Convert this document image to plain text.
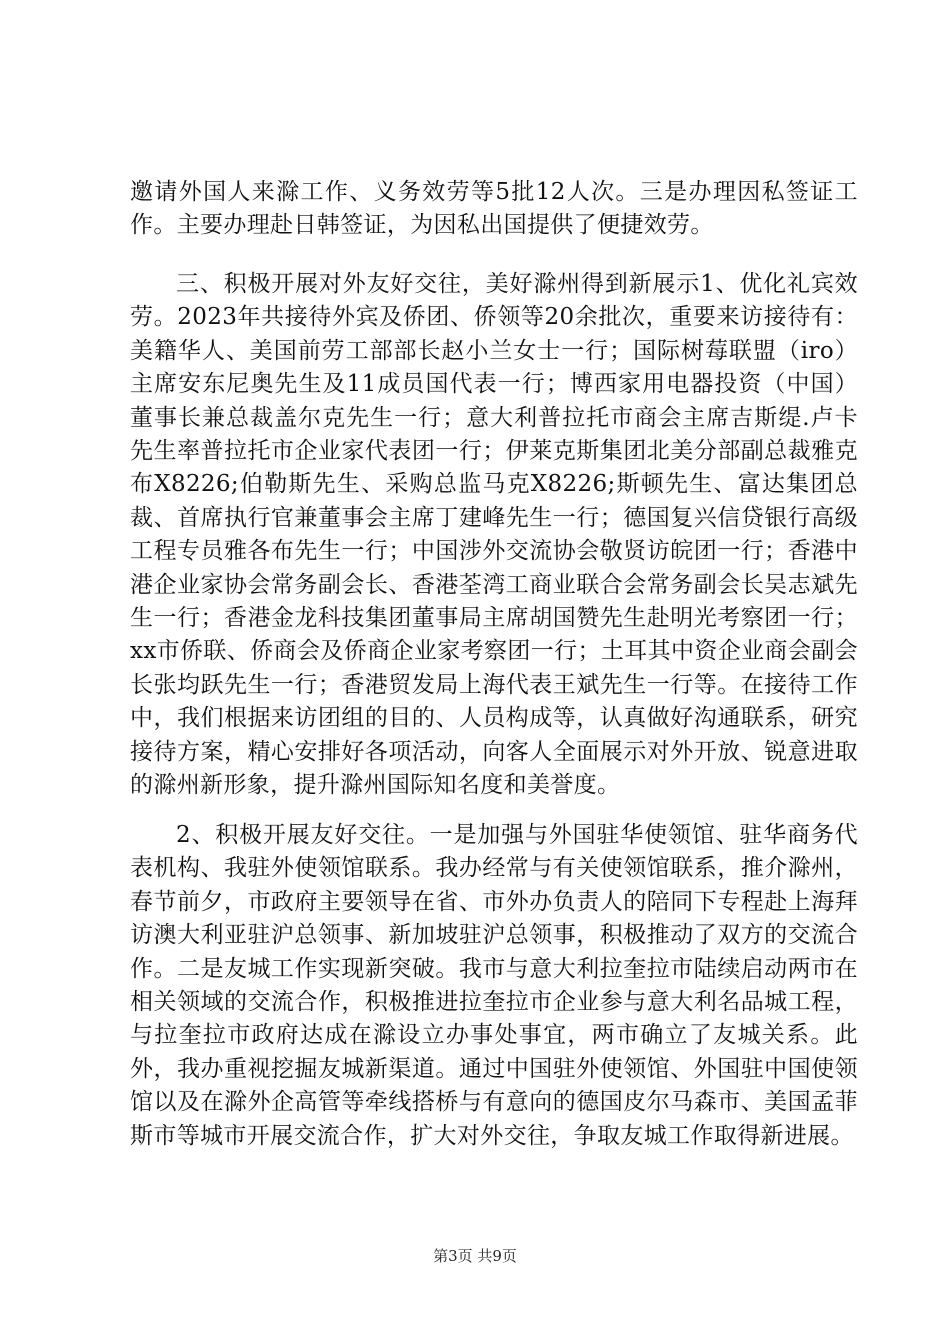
邀请外国人来滁工作、义务效劳等5批12人次。三是办理因私签证工作。主要办理赴日韩签证，为因私出国提供了便捷效劳。

三、积极开展对外友好交往，美好滁州得到新展示1、优化礼宾效劳。2023年共接待外宾及侨团、侨领等20余批次，重要来访接待有：美籍华人、美国前劳工部部长赵小兰女士一行；国际树莓联盟（iro）主席安东尼奥先生及11成员国代表一行；博西家用电器投资（中国）董事长兼总裁盖尔克先生一行；意大利普拉托市商会主席吉斯缇.卢卡先生率普拉托市企业家代表团一行；伊莱克斯集团北美分部副总裁雅克布X8226;伯勒斯先生、采购总监马克X8226;斯顿先生、富达集团总裁、首席执行官兼董事会主席丁建峰先生一行；德国复兴信贷银行高级工程专员雅各布先生一行；中国涉外交流协会敬贤访皖团一行；香港中港企业家协会常务副会长、香港荃湾工商业联合会常务副会长吴志斌先生一行；香港金龙科技集团董事局主席胡国赞先生赴明光考察团一行；xx市侨联、侨商会及侨商企业家考察团一行；土耳其中资企业商会副会长张均跃先生一行；香港贸发局上海代表王斌先生一行等。在接待工作中，我们根据来访团组的目的、人员构成等，认真做好沟通联系，研究接待方案，精心安排好各项活动，向客人全面展示对外开放、锐意进取的滁州新形象，提升滁州国际知名度和美誉度。

2、积极开展友好交往。一是加强与外国驻华使领馆、驻华商务代表机构、我驻外使领馆联系。我办经常与有关使领馆联系，推介滁州，春节前夕，市政府主要领导在省、市外办负责人的陪同下专程赴上海拜访澳大利亚驻沪总领事、新加坡驻沪总领事，积极推动了双方的交流合作。二是友城工作实现新突破。我市与意大利拉奎拉市陆续启动两市在相关领域的交流合作，积极推进拉奎拉市企业参与意大利名品城工程，与拉奎拉市政府达成在滁设立办事处事宜，两市确立了友城关系。此外，我办重视挖掘友城新渠道。通过中国驻外使领馆、外国驻中国使领馆以及在滁外企高管等牵线搭桥与有意向的德国皮尔马森市、美国孟菲斯市等城市开展交流合作，扩大对外交往，争取友城工作取得新进展。

第3页 共9页
